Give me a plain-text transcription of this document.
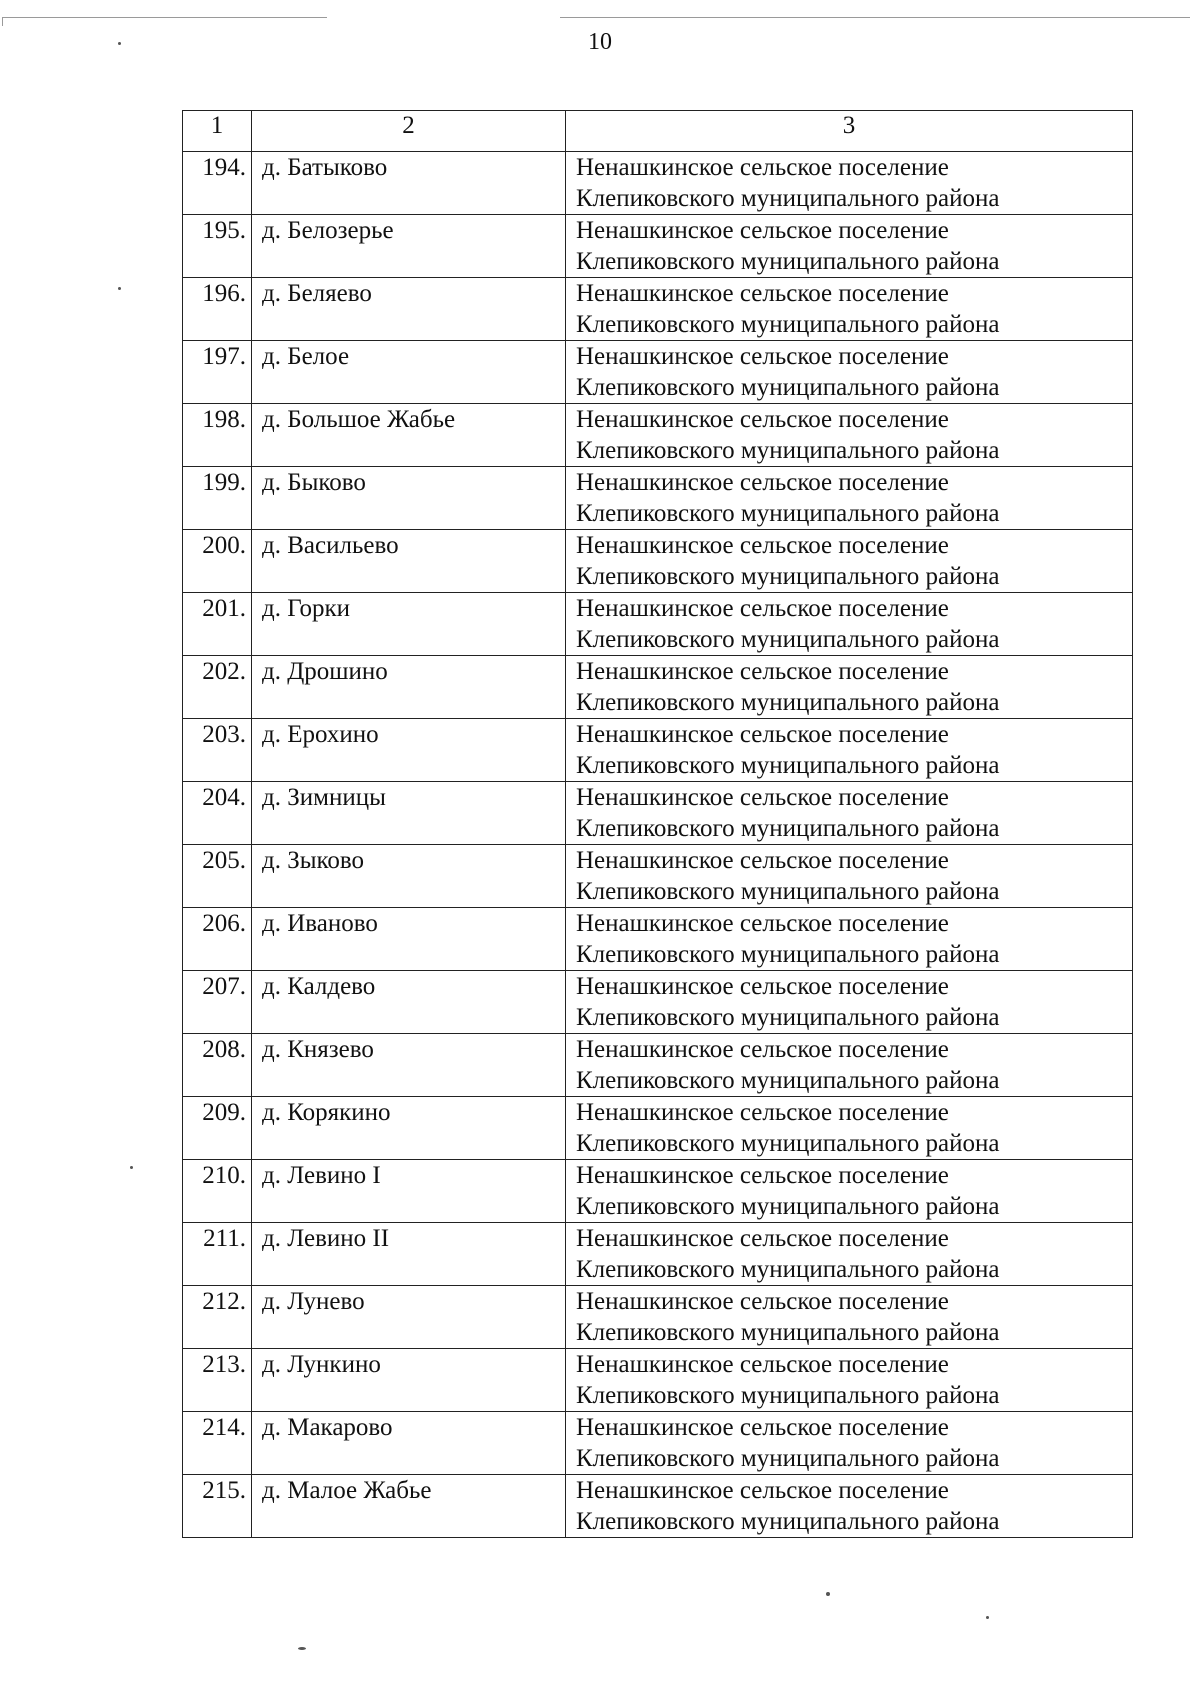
10
1	2	3
194.	д. Батыково	Ненашкинское сельское поселение
Клепиковского муниципального района

195.	д. Белозерье	Ненашкинское сельское поселение
Клепиковского муниципального района

196.	д. Беляево	Ненашкинское сельское поселение
Клепиковского муниципального района

197.	д. Белое	Ненашкинское сельское поселение
Клепиковского муниципального района

198.	д. Большое Жабье	Ненашкинское сельское поселение
Клепиковского муниципального района

199.	д. Быково	Ненашкинское сельское поселение
Клепиковского муниципального района

200.	д. Васильево	Ненашкинское сельское поселение
Клепиковского муниципального района

201.	д. Горки	Ненашкинское сельское поселение
Клепиковского муниципального района

202.	д. Дрошино	Ненашкинское сельское поселение
Клепиковского муниципального района

203.	д. Ерохино	Ненашкинское сельское поселение
Клепиковского муниципального района

204.	д. Зимницы	Ненашкинское сельское поселение
Клепиковского муниципального района

205.	д. Зыково	Ненашкинское сельское поселение
Клепиковского муниципального района

206.	д. Иваново	Ненашкинское сельское поселение
Клепиковского муниципального района

207.	д. Калдево	Ненашкинское сельское поселение
Клепиковского муниципального района

208.	д. Князево	Ненашкинское сельское поселение
Клепиковского муниципального района

209.	д. Корякино	Ненашкинское сельское поселение
Клепиковского муниципального района

210.	д. Левино I	Ненашкинское сельское поселение
Клепиковского муниципального района

211.	д. Левино II	Ненашкинское сельское поселение
Клепиковского муниципального района

212.	д. Лунево	Ненашкинское сельское поселение
Клепиковского муниципального района

213.	д. Лункино	Ненашкинское сельское поселение
Клепиковского муниципального района

214.	д. Макарово	Ненашкинское сельское поселение
Клепиковского муниципального района

215.	д. Малое Жабье	Ненашкинское сельское поселение
Клепиковского муниципального района
